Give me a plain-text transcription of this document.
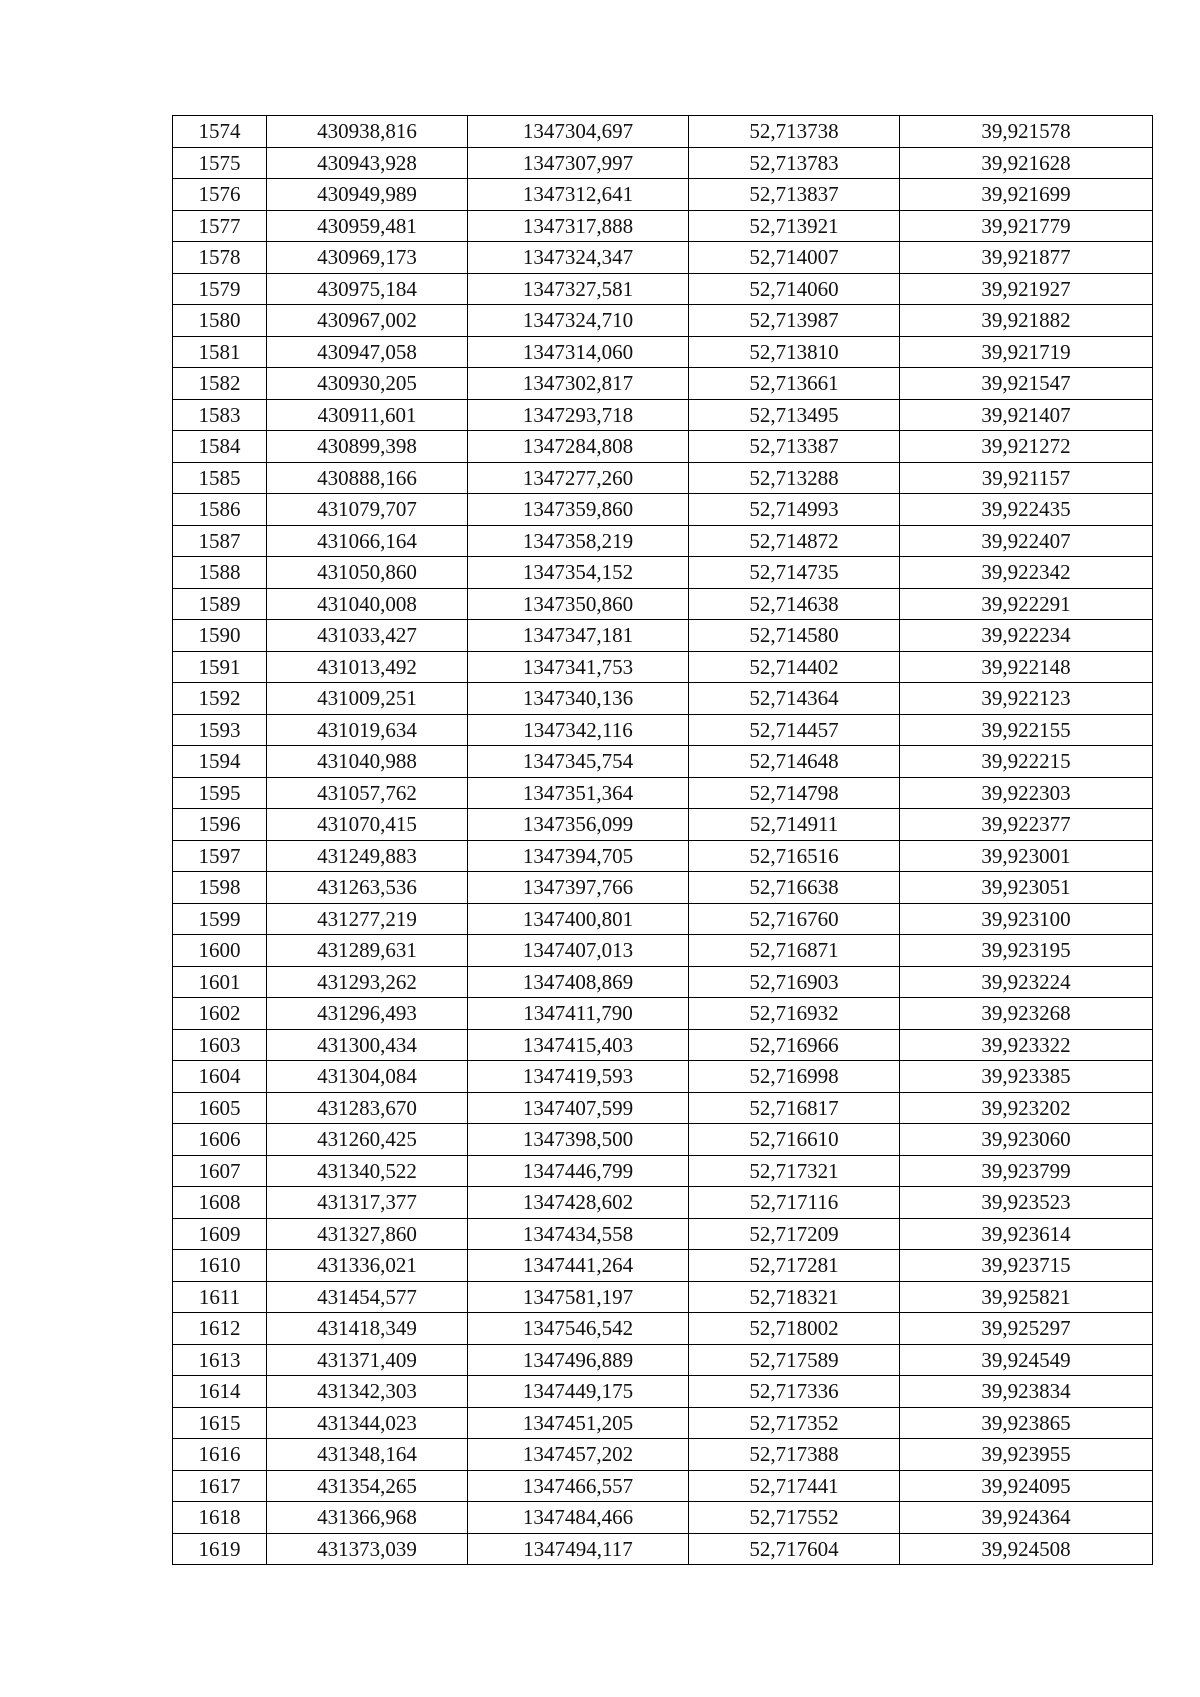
1574	430938,816	1347304,697	52,713738	39,921578
1575	430943,928	1347307,997	52,713783	39,921628
1576	430949,989	1347312,641	52,713837	39,921699
1577	430959,481	1347317,888	52,713921	39,921779
1578	430969,173	1347324,347	52,714007	39,921877
1579	430975,184	1347327,581	52,714060	39,921927
1580	430967,002	1347324,710	52,713987	39,921882
1581	430947,058	1347314,060	52,713810	39,921719
1582	430930,205	1347302,817	52,713661	39,921547
1583	430911,601	1347293,718	52,713495	39,921407
1584	430899,398	1347284,808	52,713387	39,921272
1585	430888,166	1347277,260	52,713288	39,921157
1586	431079,707	1347359,860	52,714993	39,922435
1587	431066,164	1347358,219	52,714872	39,922407
1588	431050,860	1347354,152	52,714735	39,922342
1589	431040,008	1347350,860	52,714638	39,922291
1590	431033,427	1347347,181	52,714580	39,922234
1591	431013,492	1347341,753	52,714402	39,922148
1592	431009,251	1347340,136	52,714364	39,922123
1593	431019,634	1347342,116	52,714457	39,922155
1594	431040,988	1347345,754	52,714648	39,922215
1595	431057,762	1347351,364	52,714798	39,922303
1596	431070,415	1347356,099	52,714911	39,922377
1597	431249,883	1347394,705	52,716516	39,923001
1598	431263,536	1347397,766	52,716638	39,923051
1599	431277,219	1347400,801	52,716760	39,923100
1600	431289,631	1347407,013	52,716871	39,923195
1601	431293,262	1347408,869	52,716903	39,923224
1602	431296,493	1347411,790	52,716932	39,923268
1603	431300,434	1347415,403	52,716966	39,923322
1604	431304,084	1347419,593	52,716998	39,923385
1605	431283,670	1347407,599	52,716817	39,923202
1606	431260,425	1347398,500	52,716610	39,923060
1607	431340,522	1347446,799	52,717321	39,923799
1608	431317,377	1347428,602	52,717116	39,923523
1609	431327,860	1347434,558	52,717209	39,923614
1610	431336,021	1347441,264	52,717281	39,923715
1611	431454,577	1347581,197	52,718321	39,925821
1612	431418,349	1347546,542	52,718002	39,925297
1613	431371,409	1347496,889	52,717589	39,924549
1614	431342,303	1347449,175	52,717336	39,923834
1615	431344,023	1347451,205	52,717352	39,923865
1616	431348,164	1347457,202	52,717388	39,923955
1617	431354,265	1347466,557	52,717441	39,924095
1618	431366,968	1347484,466	52,717552	39,924364
1619	431373,039	1347494,117	52,717604	39,924508
